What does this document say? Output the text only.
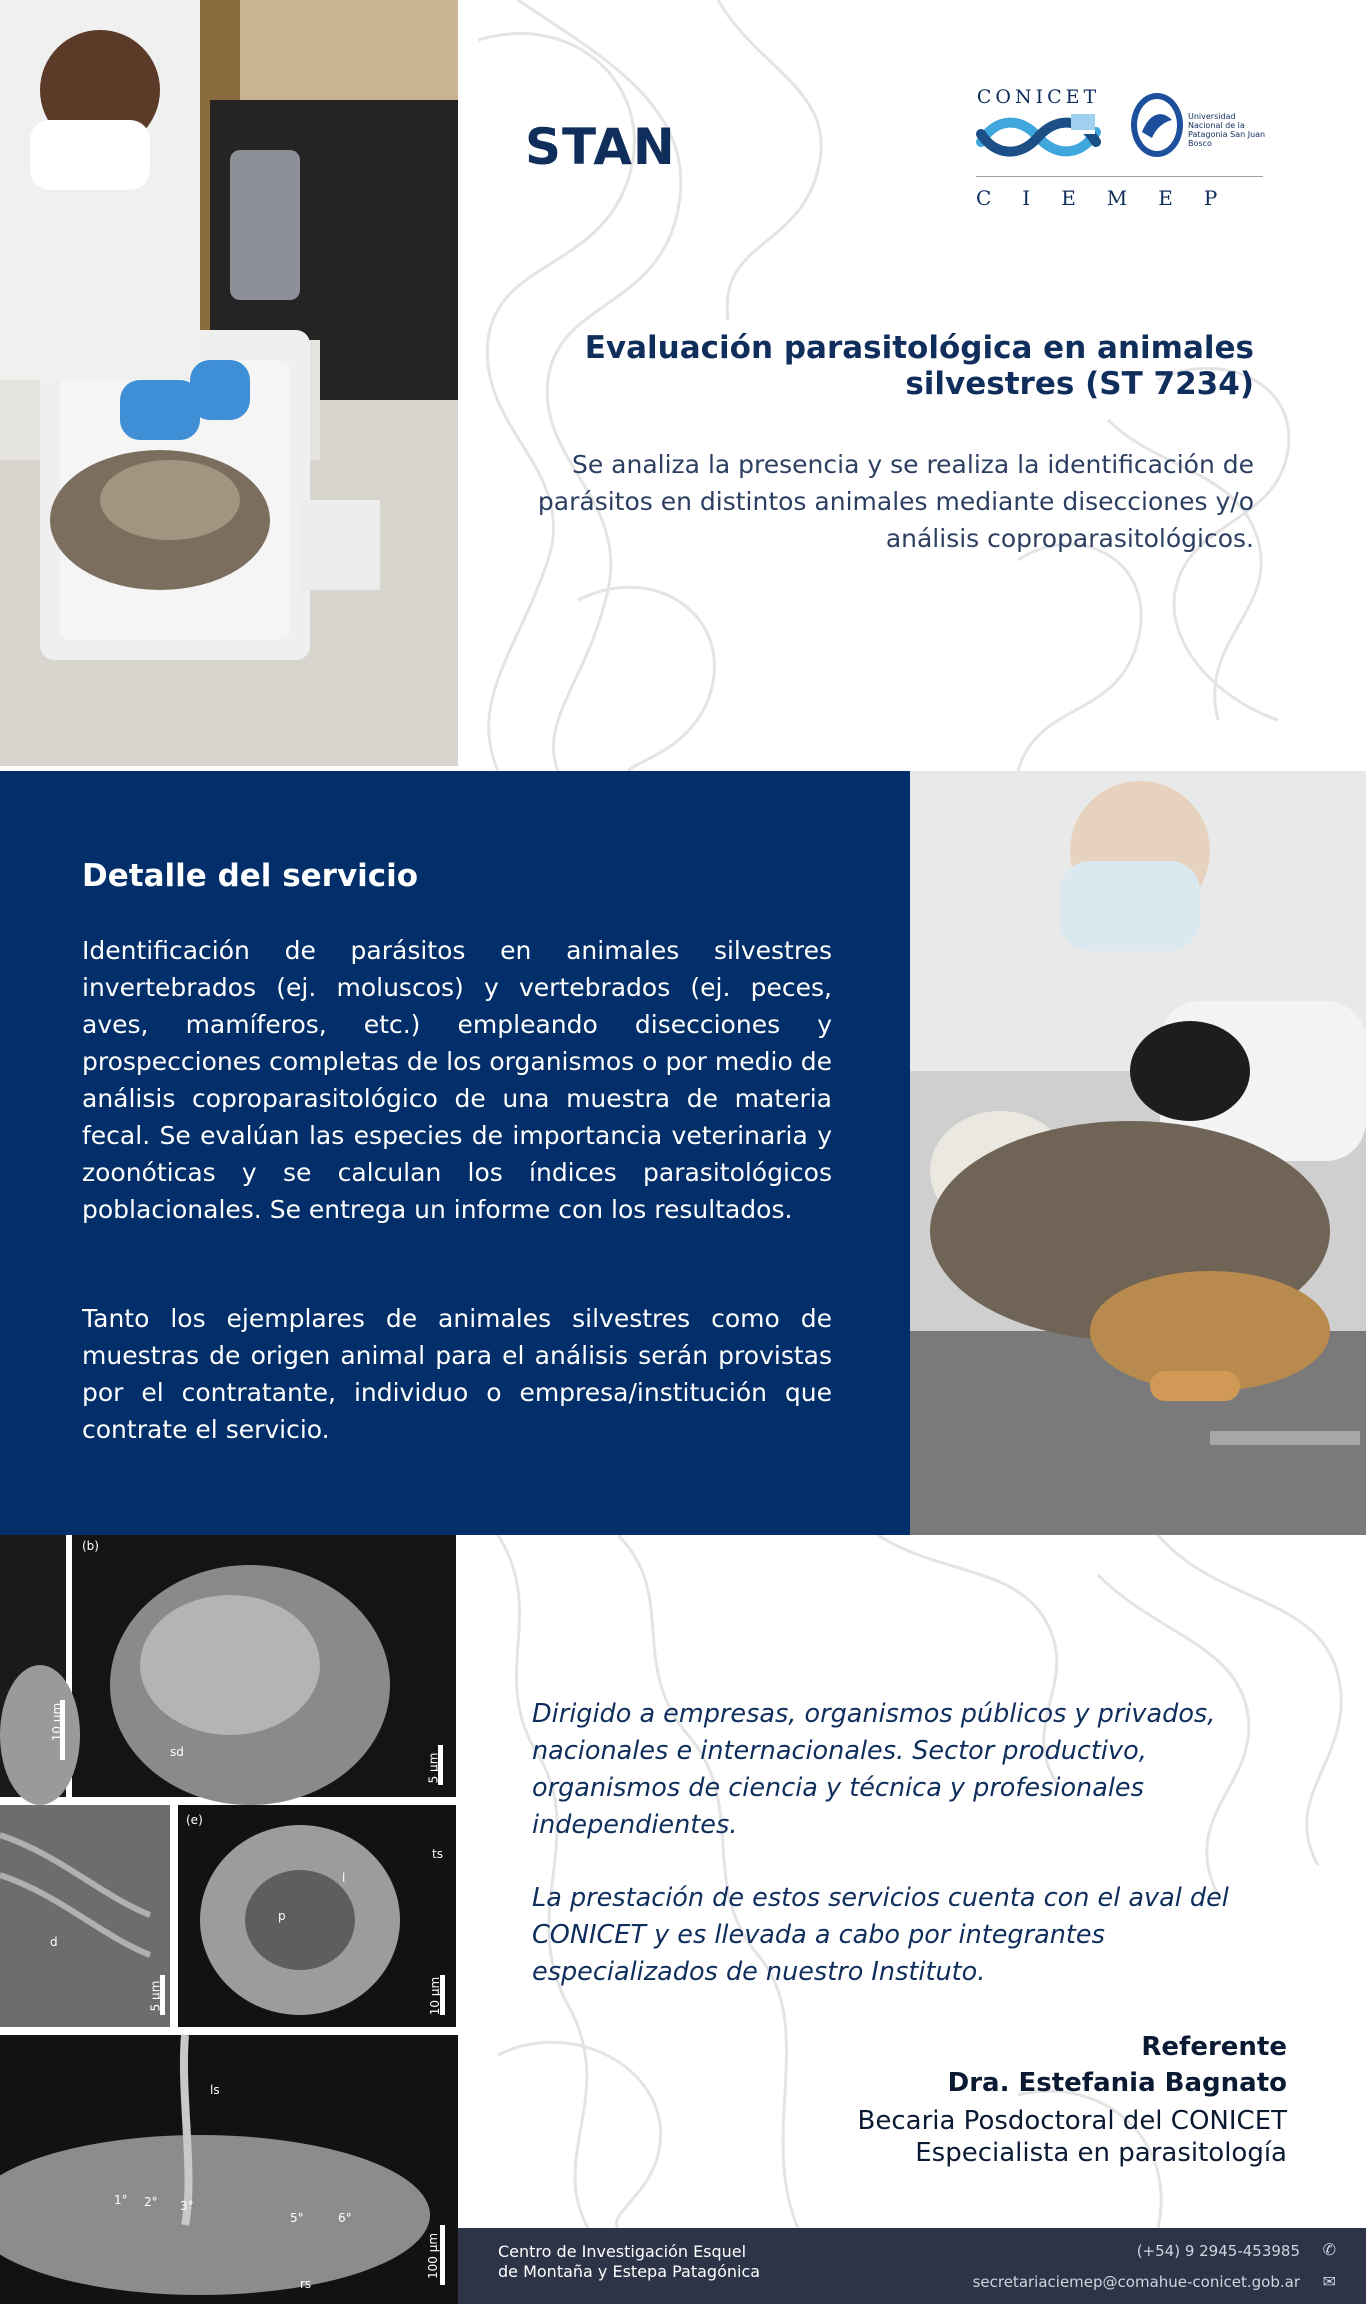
STAN
CONICET
Universidad Nacional de la Patagonia San Juan Bosco
CIEMEP
Evaluación parasitológica en animales silvestres (ST 7234)
Se analiza la presencia y se realiza la identificación de parásitos en distintos animales mediante disecciones y/o análisis coproparasitológicos.
Detalle del servicio
Identificación de parásitos en animales silvestres invertebrados (ej. moluscos) y vertebrados (ej. peces, aves, mamíferos, etc.) empleando disecciones y prospecciones completas de los organismos o por medio de análisis coproparasitológico de una muestra de materia fecal. Se evalúan las especies de importancia veterinaria y zoonóticas y se calculan los índices parasitológicos poblacionales. Se entrega un informe con los resultados.
Tanto los ejemplares de animales silvestres como de muestras de origen animal para el análisis serán provistas por el contratante, individuo o empresa/institución que contrate el servicio.
(b)
(e)
sd
d
p
ts
l
ls
rs
1° 2° 3°
5°	6°
10 µm
5 µm
5 µm	10 µm
100 µm
Dirigido a empresas, organismos públicos y privados, nacionales e internacionales. Sector productivo, organismos de ciencia y técnica y profesionales independientes.
La prestación de estos servicios cuenta con el aval del CONICET y es llevada a cabo por integrantes especializados de nuestro Instituto.
Referente
Dra. Estefania Bagnato
Becaria Posdoctoral del CONICET
Especialista en parasitología
Centro de Investigación Esquel
de Montaña y Estepa Patagónica
(+54) 9 2945-453985 ✆
secretariaciemep@comahue-conicet.gob.ar ✉
